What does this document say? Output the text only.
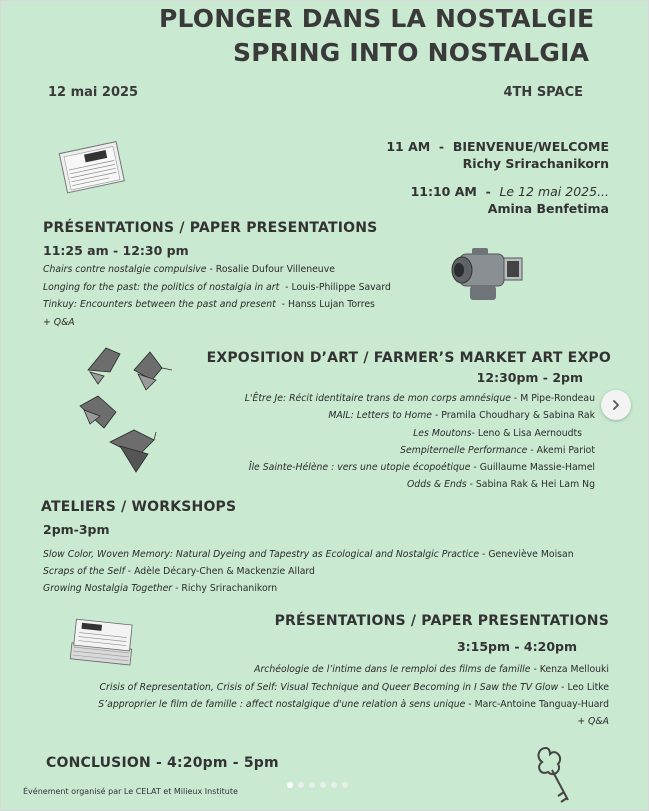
PLONGER DANS LA NOSTALGIE
SPRING INTO NOSTALGIA
12 mai 2025	4TH SPACE
11 AM  -  BIENVENUE/WELCOME
Richy Srirachanikorn
11:10 AM  -  Le 12 mai 2025...
Amina Benfetima
PRÉSENTATIONS / PAPER PRESENTATIONS
11:25 am - 12:30 pm
Chairs contre nostalgie compulsive - Rosalie Dufour Villeneuve
Longing for the past: the politics of nostalgia in art  - Louis-Philippe Savard
Tinkuy: Encounters between the past and present  - Hanss Lujan Torres
+ Q&A
EXPOSITION D’ART / FARMER’S MARKET ART EXPO
12:30pm - 2pm
L'Être Je: Récit identitaire trans de mon corps amnésique - M Pipe-Rondeau
MAIL: Letters to Home - Pramila Choudhary & Sabina Rak
Les Moutons- Leno & Lisa Aernoudts
Sempiternelle Performance - Akemi Pariot
Île Sainte-Hélène : vers une utopie écopoétique - Guillaume Massie-Hamel
Odds & Ends - Sabina Rak & Hei Lam Ng
ATELIERS / WORKSHOPS
2pm-3pm
Slow Color, Woven Memory: Natural Dyeing and Tapestry as Ecological and Nostalgic Practice - Geneviève Moisan
Scraps of the Self - Adèle Décary-Chen & Mackenzie Allard
Growing Nostalgia Together - Richy Srirachanikorn
PRÉSENTATIONS / PAPER PRESENTATIONS
3:15pm - 4:20pm
Archéologie de l’intime dans le remploi des films de famille - Kenza Mellouki
Crisis of Representation, Crisis of Self: Visual Technique and Queer Becoming in I Saw the TV Glow - Leo Litke
S’approprier le film de famille : affect nostalgique d'une relation à sens unique - Marc-Antoine Tanguay-Huard
+ Q&A
CONCLUSION - 4:20pm - 5pm
Événement organisé par Le CELAT et Milieux Institute
